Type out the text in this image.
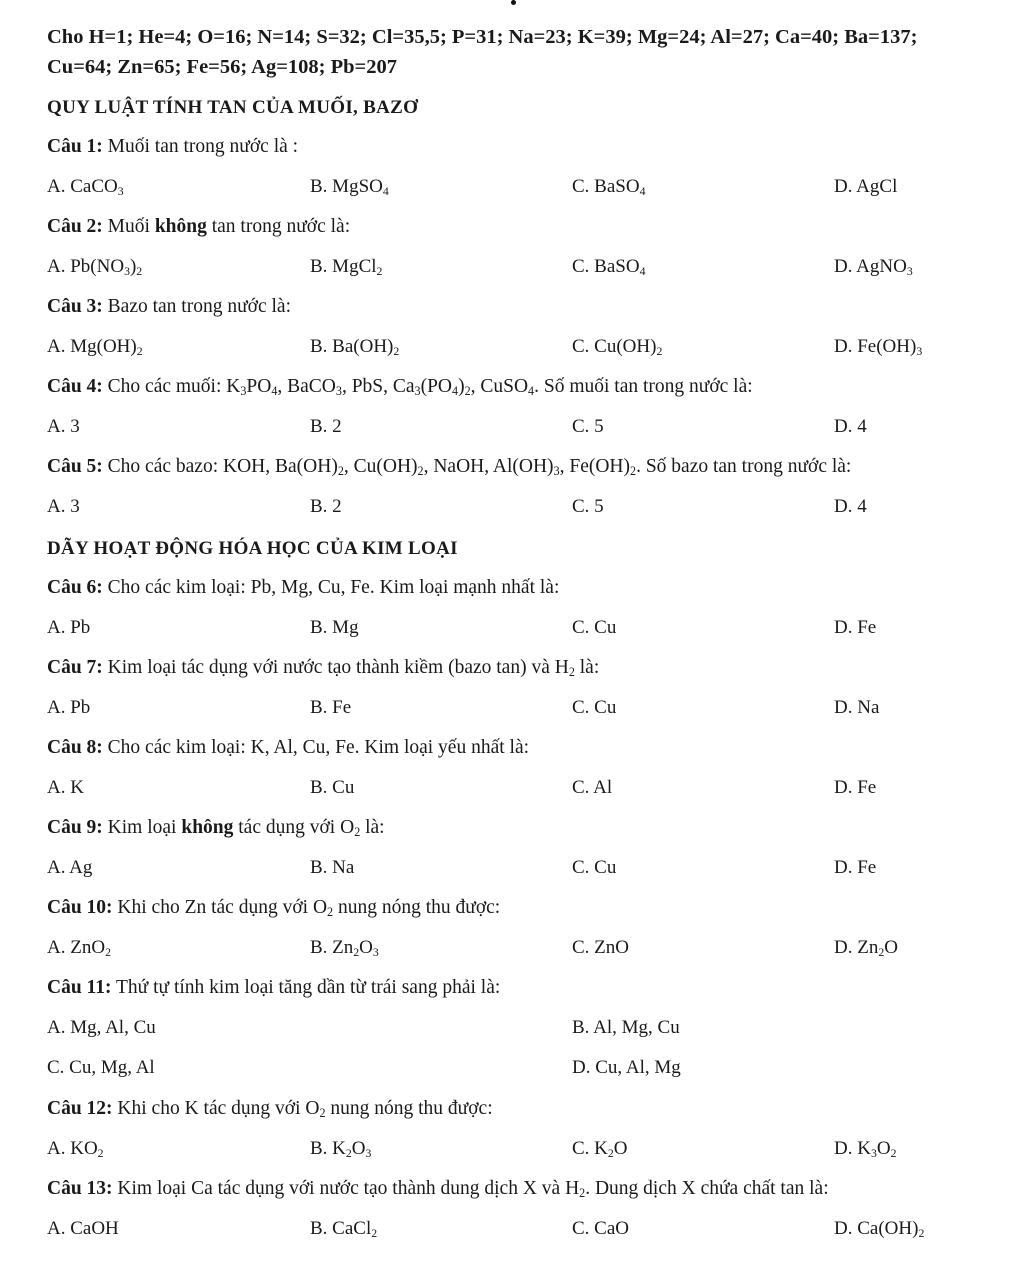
Cho H=1; He=4; O=16; N=14; S=32; Cl=35,5; P=31; Na=23; K=39; Mg=24; Al=27; Ca=40; Ba=137;
Cu=64; Zn=65; Fe=56; Ag=108; Pb=207
QUY LUẬT TÍNH TAN CỦA MUỐI, BAZƠ
DÃY HOẠT ĐỘNG HÓA HỌC CỦA KIM LOẠI
Câu 1: Muối tan trong nước là :
A. CaCO$_3$	B. MgSO$_4$	C. BaSO$_4$	D. AgCl
Câu 2: Muối không tan trong nước là:
A. $Pb(NO_3)_2$	B. MgCl$_2$	C. BaSO$_4$	D. AgNO$_3$
Câu 3: Bazo tan trong nước là:
A. $Mg(OH)_2$	B. $Ba(OH)_2$	C. $Cu(OH)_2$	D. $Fe(OH)_3$
Câu 4: Cho các muối: $K_3PO_4$, BaCO$_3$, PbS, $Ca_3(PO_4)_2$, CuSO$_4$. Số muối tan trong nước là:
A. 3	B. 2	C. 5	D. 4
Câu 5: Cho các bazo: KOH, $Ba(OH)_2$, $Cu(OH)_2$, NaOH, $Al(OH)_3$, $Fe(OH)_2$. Số bazo tan trong nước là:
A. 3	B. 2	C. 5	D. 4
Câu 6: Cho các kim loại: Pb, Mg, Cu, Fe. Kim loại mạnh nhất là:
A. Pb	B. Mg	C. Cu	D. Fe
Câu 7: Kim loại tác dụng với nước tạo thành kiềm (bazo tan) và $H_2$ là:
A. Pb	B. Fe	C. Cu	D. Na
Câu 8: Cho các kim loại: K, Al, Cu, Fe. Kim loại yếu nhất là:
A. K	B. Cu	C. Al	D. Fe
Câu 9: Kim loại không tác dụng với $O_2$ là:
A. Ag	B. Na	C. Cu	D. Fe
Câu 10: Khi cho Zn tác dụng với $O_2$ nung nóng thu được:
A. ZnO$_2$	B. $Zn_2O_3$	C. ZnO	D. $Zn_2O$
Câu 11: Thứ tự tính kim loại tăng dần từ trái sang phải là:
A. Mg, Al, Cu	B. Al, Mg, Cu
C. Cu, Mg, Al	D. Cu, Al, Mg
Câu 12: Khi cho K tác dụng với $O_2$ nung nóng thu được:
A. $KO_2$	B. $K_2O_3$	C. $K_2O$	D. $K_3O_2$
Câu 13: Kim loại Ca tác dụng với nước tạo thành dung dịch X và $H_2$. Dung dịch X chứa chất tan là:
A. CaOH	B. CaCl$_2$	C. CaO	D. $Ca(OH)_2$
